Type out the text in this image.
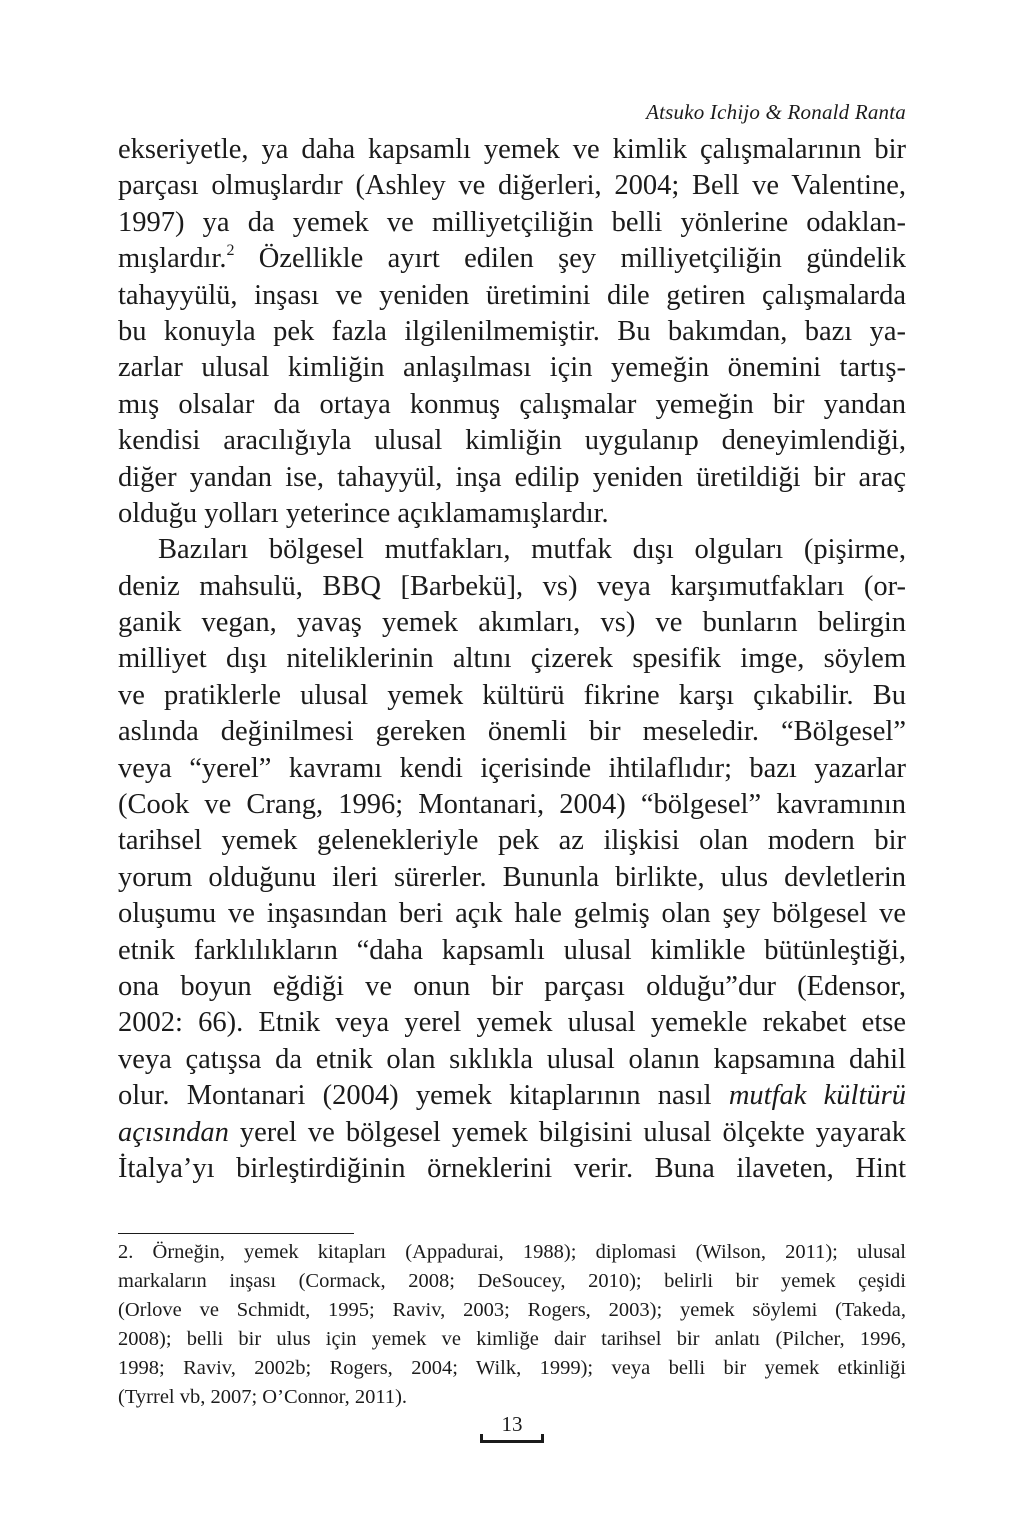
Atsuko Ichijo & Ronald Ranta
ekseriyetle, ya daha kapsamlı yemek ve kimlik çalışmalarının bir
parçası olmuşlardır (Ashley ve diğerleri, 2004; Bell ve Valentine,
1997) ya da yemek ve milliyetçiliğin belli yönlerine odaklan-
mışlardır.$^2$ Özellikle ayırt edilen şey milliyetçiliğin gündelik
tahayyülü, inşası ve yeniden üretimini dile getiren çalışmalarda
bu konuyla pek fazla ilgilenilmemiştir. Bu bakımdan, bazı ya-
zarlar ulusal kimliğin anlaşılması için yemeğin önemini tartış-
mış olsalar da ortaya konmuş çalışmalar yemeğin bir yandan
kendisi aracılığıyla ulusal kimliğin uygulanıp deneyimlendiği,
diğer yandan ise, tahayyül, inşa edilip yeniden üretildiği bir araç
olduğu yolları yeterince açıklamamışlardır.
Bazıları bölgesel mutfakları, mutfak dışı olguları (pişirme,
deniz mahsulü, BBQ [Barbekü], vs) veya karşımutfakları (or-
ganik vegan, yavaş yemek akımları, vs) ve bunların belirgin
milliyet dışı niteliklerinin altını çizerek spesifik imge, söylem
ve pratiklerle ulusal yemek kültürü fikrine karşı çıkabilir. Bu
aslında değinilmesi gereken önemli bir meseledir. “Bölgesel”
veya “yerel” kavramı kendi içerisinde ihtilaflıdır; bazı yazarlar
(Cook ve Crang, 1996; Montanari, 2004) “bölgesel” kavramının
tarihsel yemek gelenekleriyle pek az ilişkisi olan modern bir
yorum olduğunu ileri sürerler. Bununla birlikte, ulus devletlerin
oluşumu ve inşasından beri açık hale gelmiş olan şey bölgesel ve
etnik farklılıkların “daha kapsamlı ulusal kimlikle bütünleştiği,
ona boyun eğdiği ve onun bir parçası olduğu”dur (Edensor,
2002: 66). Etnik veya yerel yemek ulusal yemekle rekabet etse
veya çatışsa da etnik olan sıklıkla ulusal olanın kapsamına dahil
olur. Montanari (2004) yemek kitaplarının nasıl mutfak kültürü
açısından yerel ve bölgesel yemek bilgisini ulusal ölçekte yayarak
İtalya’yı birleştirdiğinin örneklerini verir. Buna ilaveten, Hint
2. Örneğin, yemek kitapları (Appadurai, 1988); diplomasi (Wilson, 2011); ulusal
markaların inşası (Cormack, 2008; DeSoucey, 2010); belirli bir yemek çeşidi
(Orlove ve Schmidt, 1995; Raviv, 2003; Rogers, 2003); yemek söylemi (Takeda,
2008); belli bir ulus için yemek ve kimliğe dair tarihsel bir anlatı (Pilcher, 1996,
1998; Raviv, 2002b; Rogers, 2004; Wilk, 1999); veya belli bir yemek etkinliği
(Tyrrel vb, 2007; O’Connor, 2011).
13
